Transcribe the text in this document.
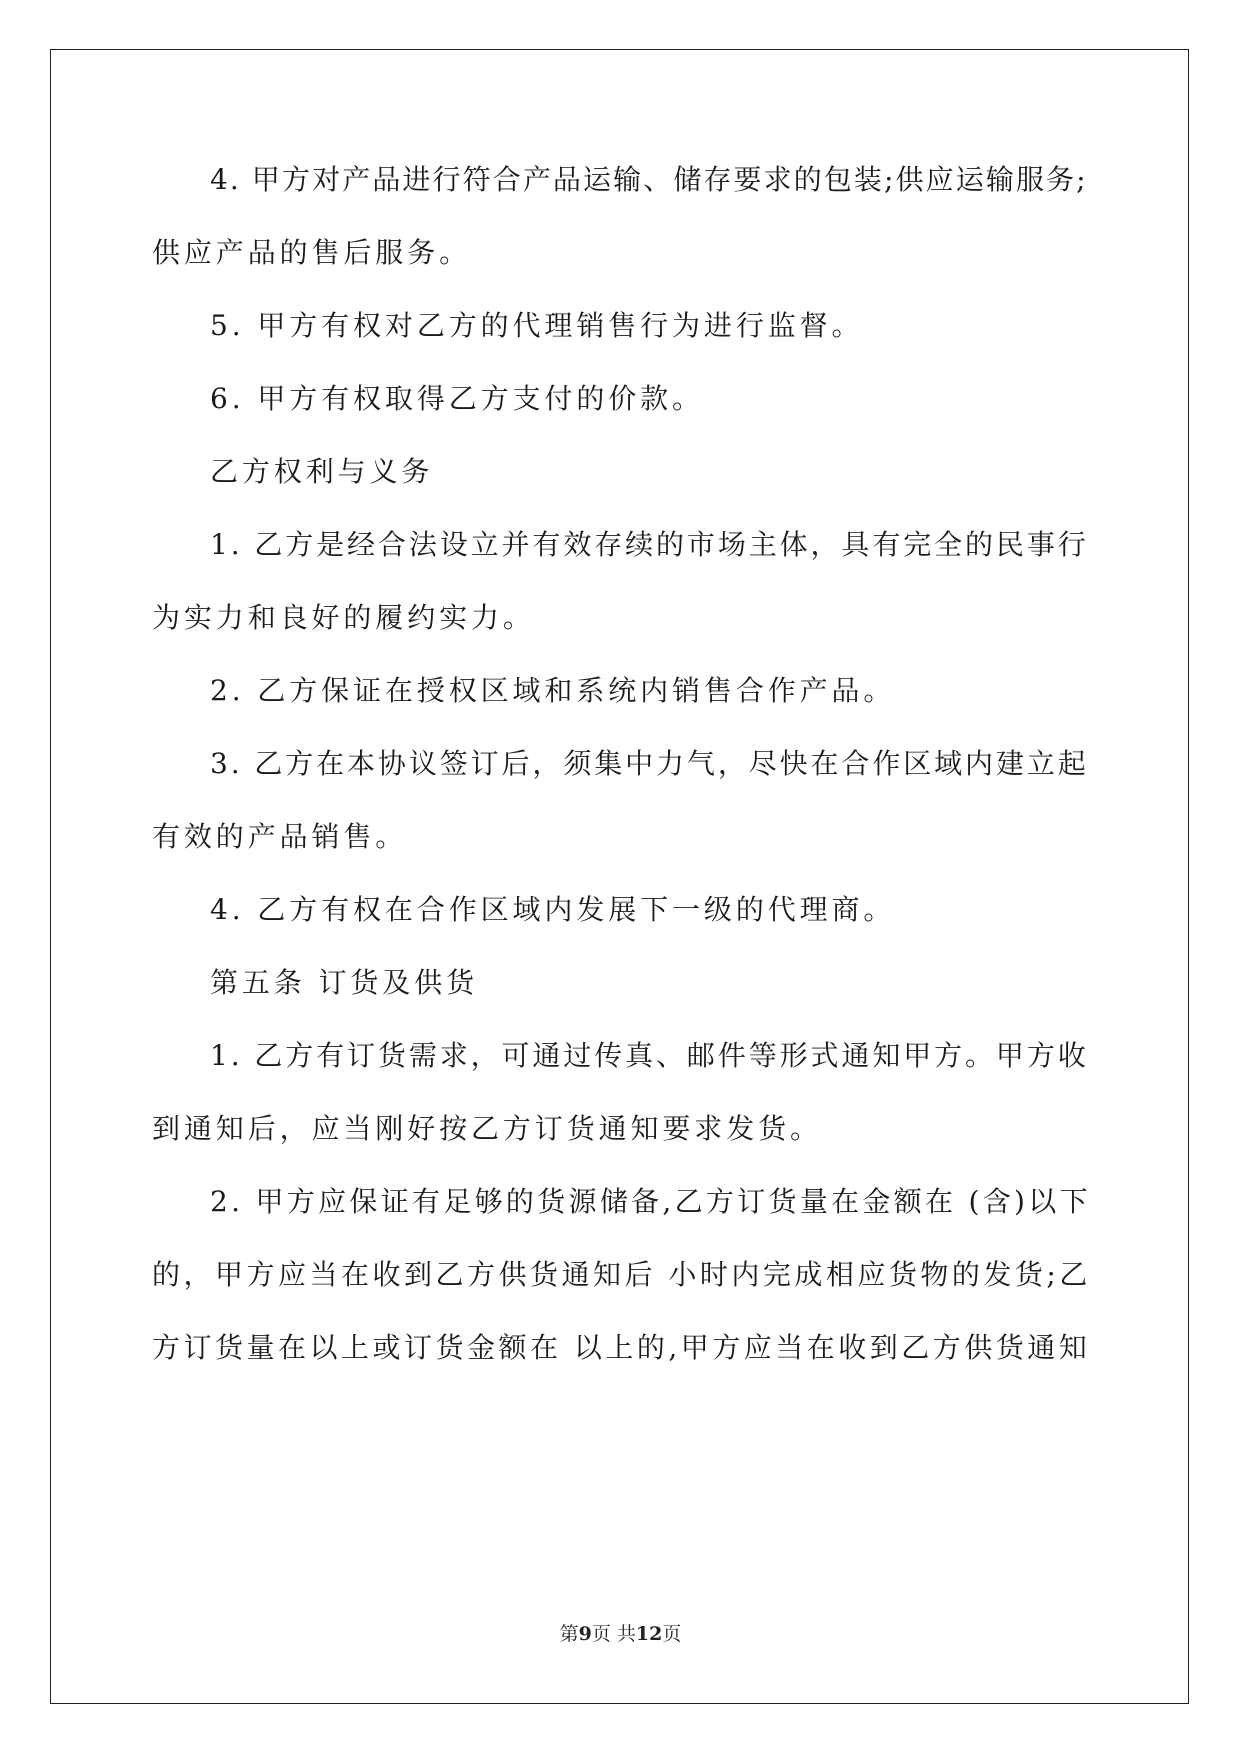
4. 甲方对产品进行符合产品运输、储存要求的包装;供应运输服务;
供应产品的售后服务。
5. 甲方有权对乙方的代理销售行为进行监督。
6. 甲方有权取得乙方支付的价款。
乙方权利与义务
1. 乙方是经合法设立并有效存续的市场主体，具有完全的民事行
为实力和良好的履约实力。
2. 乙方保证在授权区域和系统内销售合作产品。
3. 乙方在本协议签订后，须集中力气，尽快在合作区域内建立起
有效的产品销售。
4. 乙方有权在合作区域内发展下一级的代理商。
第五条 订货及供货
1. 乙方有订货需求，可通过传真、邮件等形式通知甲方。甲方收
到通知后，应当刚好按乙方订货通知要求发货。
2. 甲方应保证有足够的货源储备,乙方订货量在金额在 (含)以下
的，甲方应当在收到乙方供货通知后 小时内完成相应货物的发货;乙
方订货量在以上或订货金额在 以上的,甲方应当在收到乙方供货通知
第9页 共12页
